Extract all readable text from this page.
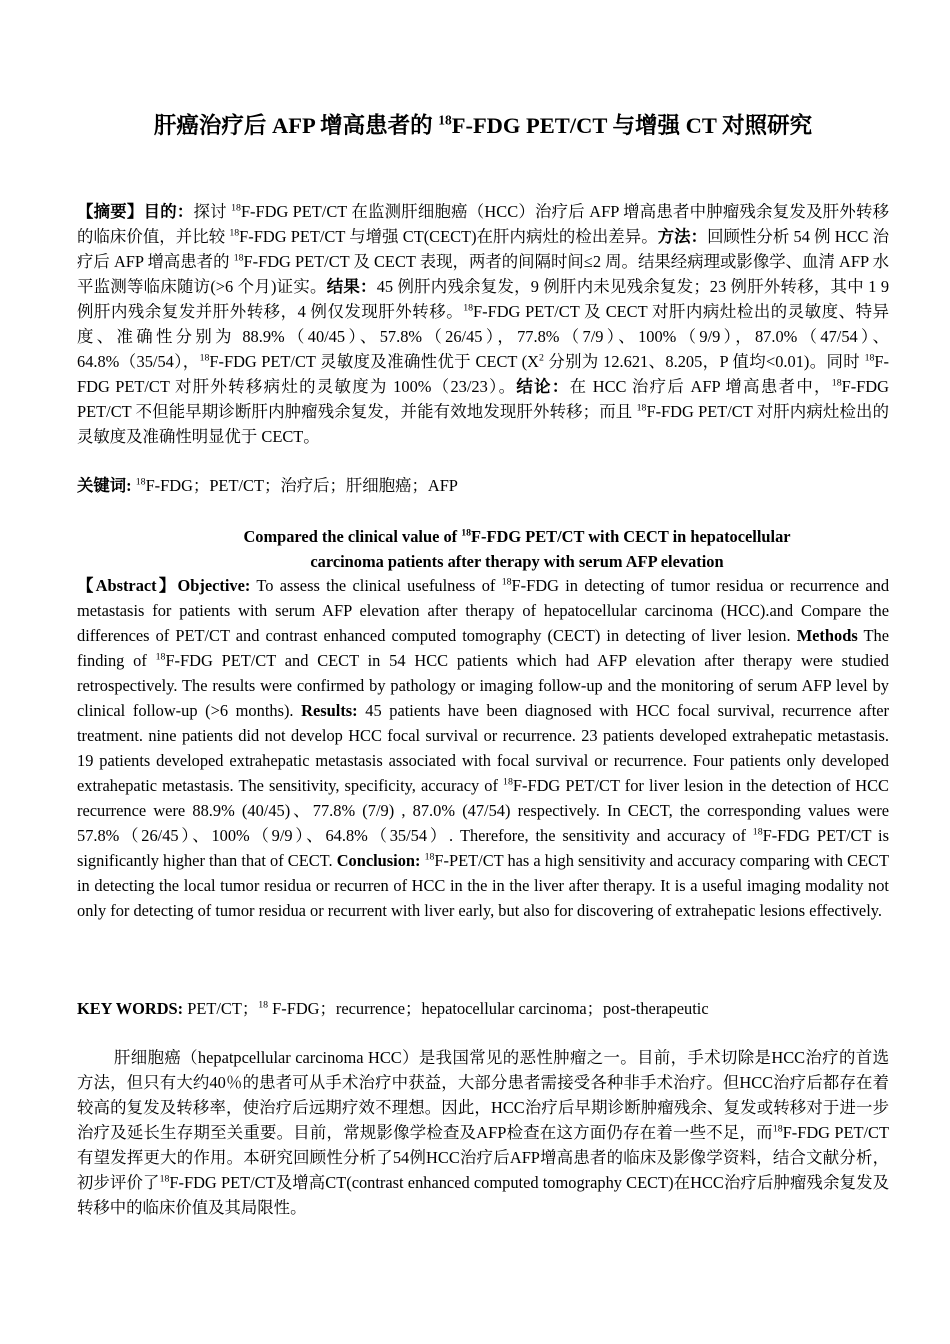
肝癌治疗后 AFP 增高患者的 $^{18}$F-FDG PET/CT 与增强 CT 对照研究
【摘要】目的：探讨 $^{18}$F-FDG PET/CT 在监测肝细胞癌（HCC）治疗后 AFP 增高患者中肿瘤残余复发及肝外转移的临床价值，并比较 $^{18}$F-FDG PET/CT 与增强 CT(CECT)在肝内病灶的检出差异。方法：回顾性分析 54 例 HCC 治疗后 AFP 增高患者的 $^{18}$F-FDG PET/CT 及 CECT 表现，两者的间隔时间≤2 周。结果经病理或影像学、血清 AFP 水平监测等临床随访(>6 个月)证实。结果：45 例肝内残余复发，9 例肝内未见残余复发；23 例肝外转移，其中 1 9 例肝内残余复发并肝外转移，4 例仅发现肝外转移。$^{18}$F-FDG PET/CT 及 CECT 对肝内病灶检出的灵敏度、特异度、准确性分别为 88.9%（40/45）、57.8%（26/45），77.8%（7/9）、100%（9/9），87.0%（47/54）、64.8%（35/54），$^{18}$F-FDG PET/CT 灵敏度及准确性优于 CECT ($X^2$ 分别为 12.621、8.205，P 值均<0.01)。同时 $^{18}$F-FDG PET/CT 对肝外转移病灶的灵敏度为 100%（23/23）。结论：在 HCC 治疗后 AFP 增高患者中，$^{18}$F-FDG PET/CT 不但能早期诊断肝内肿瘤残余复发，并能有效地发现肝外转移；而且 $^{18}$F-FDG PET/CT 对肝内病灶检出的灵敏度及准确性明显优于 CECT。
关键词: $^{18}$F-FDG；PET/CT；治疗后；肝细胞癌；AFP
Compared the clinical value of $^{18}$F-FDG PET/CT with CECT in hepatocellular
carcinoma patients after therapy with serum AFP elevation
【Abstract】Objective: To assess the clinical usefulness of $^{18}$F-FDG in detecting of tumor residua or recurrence and metastasis for patients with serum AFP elevation after therapy of hepatocellular carcinoma (HCC).and Compare the differences of PET/CT and contrast enhanced computed tomography (CECT) in detecting of liver lesion. Methods The finding of $^{18}$F-FDG PET/CT and CECT in 54 HCC patients which had AFP elevation after therapy were studied retrospectively. The results were confirmed by pathology or imaging follow-up and the monitoring of serum AFP level by clinical follow-up (>6 months). Results: 45 patients have been diagnosed with HCC focal survival, recurrence after treatment. nine patients did not develop HCC focal survival or recurrence. 23 patients developed extrahepatic metastasis. 19 patients developed extrahepatic metastasis associated with focal survival or recurrence. Four patients only developed extrahepatic metastasis. The sensitivity, specificity, accuracy of $^{18}$F-FDG PET/CT for liver lesion in the detection of HCC recurrence were 88.9% (40/45)、77.8% (7/9) , 87.0% (47/54) respectively. In CECT, the corresponding values were 57.8%（26/45）、100%（9/9）、64.8%（35/54）. Therefore, the sensitivity and accuracy of $^{18}$F-FDG PET/CT is significantly higher than that of CECT. Conclusion: $^{18}$F-PET/CT has a high sensitivity and accuracy comparing with CECT in detecting the local tumor residua or recurren of HCC in the in the liver after therapy. It is a useful imaging modality not only for detecting of tumor residua or recurrent with liver early, but also for discovering of extrahepatic lesions effectively.
KEY WORDS: PET/CT；$^{18}$ F-FDG；recurrence；hepatocellular carcinoma；post-therapeutic
肝细胞癌（hepatpcellular carcinoma HCC）是我国常见的恶性肿瘤之一。目前，手术切除是HCC治疗的首选方法，但只有大约40％的患者可从手术治疗中获益，大部分患者需接受各种非手术治疗。但HCC治疗后都存在着较高的复发及转移率，使治疗后远期疗效不理想。因此，HCC治疗后早期诊断肿瘤残余、复发或转移对于进一步治疗及延长生存期至关重要。目前，常规影像学检查及AFP检查在这方面仍存在着一些不足，而$^{18}$F-FDG PET/CT有望发挥更大的作用。本研究回顾性分析了54例HCC治疗后AFP增高患者的临床及影像学资料，结合文献分析，初步评价了$^{18}$F-FDG PET/CT及增高CT(contrast enhanced computed tomography CECT)在HCC治疗后肿瘤残余复发及转移中的临床价值及其局限性。
